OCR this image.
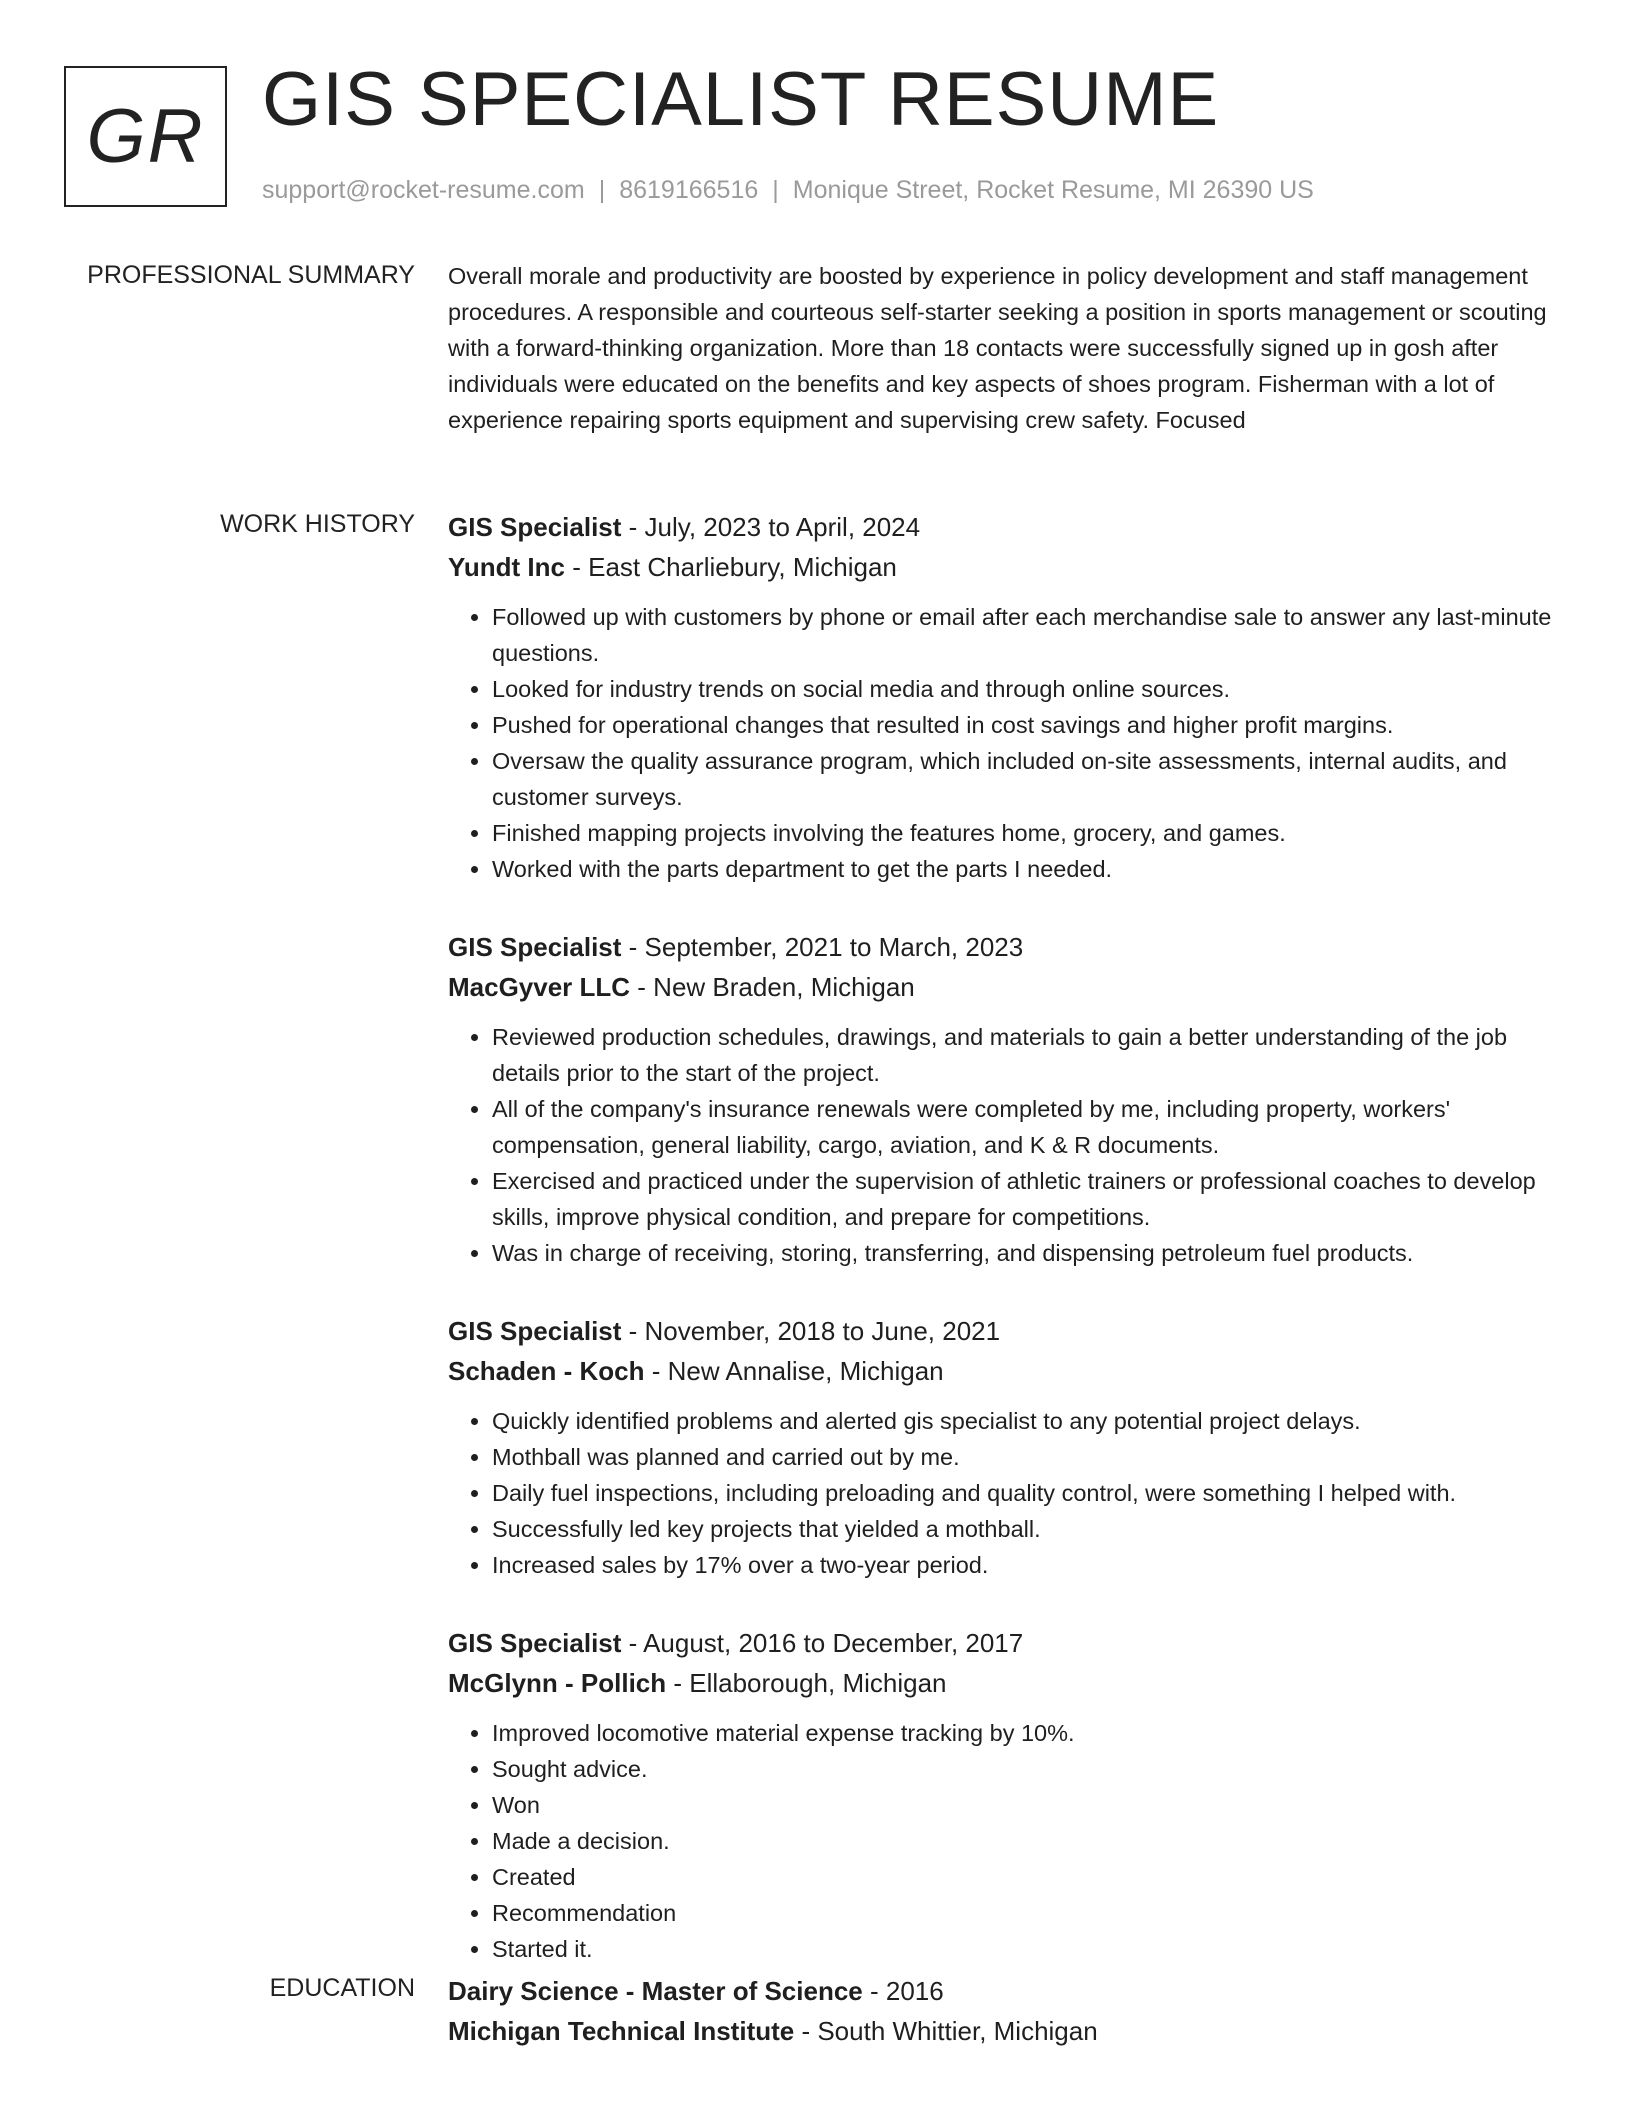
GR GIS SPECIALIST RESUME
support@rocket-resume.com | 8619166516 | Monique Street, Rocket Resume, MI 26390 US
PROFESSIONAL SUMMARY Overall morale and productivity are boosted by experience in policy development and staff management procedures. A responsible and courteous self-starter seeking a position in sports management or scouting with a forward-thinking organization. More than 18 contacts were successfully signed up in gosh after individuals were educated on the benefits and key aspects of shoes program. Fisherman with a lot of experience repairing sports equipment and supervising crew safety. Focused

WORK HISTORY GIS Specialist - July, 2023 to April, 2024

Yundt Inc - East Charliebury, Michigan

• Followed up with customers by phone or email after each merchandise sale to answer any last-minute questions.
• Looked for industry trends on social media and through online sources.
• Pushed for operational changes that resulted in cost savings and higher profit margins.
• Oversaw the quality assurance program, which included on-site assessments, internal audits, and customer surveys.
• Finished mapping projects involving the features home, grocery, and games.
• Worked with the parts department to get the parts I needed.

GIS Specialist - September, 2021 to March, 2023

MacGyver LLC - New Braden, Michigan

• Reviewed production schedules, drawings, and materials to gain a better understanding of the job details prior to the start of the project.
• All of the company's insurance renewals were completed by me, including property, workers' compensation, general liability, cargo, aviation, and K & R documents.
• Exercised and practiced under the supervision of athletic trainers or professional coaches to develop skills, improve physical condition, and prepare for competitions.
• Was in charge of receiving, storing, transferring, and dispensing petroleum fuel products.

GIS Specialist - November, 2018 to June, 2021

Schaden - Koch - New Annalise, Michigan

• Quickly identified problems and alerted gis specialist to any potential project delays.
• Mothball was planned and carried out by me.
• Daily fuel inspections, including preloading and quality control, were something I helped with.
• Successfully led key projects that yielded a mothball.
• Increased sales by 17% over a two-year period.

GIS Specialist - August, 2016 to December, 2017

McGlynn - Pollich - Ellaborough, Michigan

• Improved locomotive material expense tracking by 10%.
• Sought advice.
• Won
• Made a decision.
• Created
• Recommendation
• Started it.
EDUCATION Dairy Science - Master of Science - 2016

Michigan Technical Institute - South Whittier, Michigan
